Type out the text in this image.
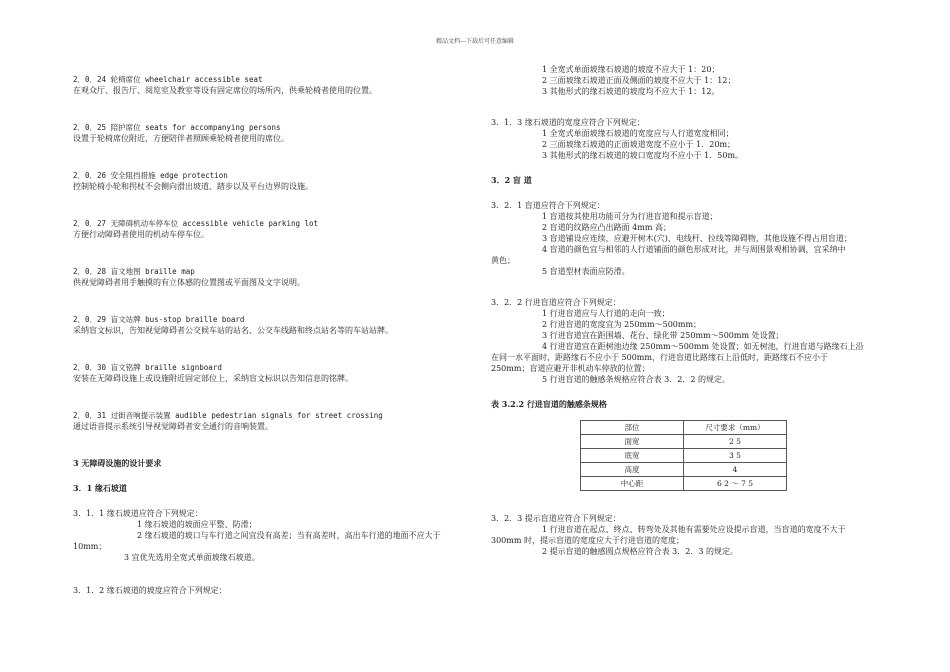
精品文档---下载后可任意编辑
2．0．24 轮椅席位 wheelchair accessible seat
在观众厅、报告厅、阅览室及教室等设有固定席位的场所内，供乘轮椅者使用的位置。
2．0．25 陪护席位 seats for accompanying persons
设置于轮椅席位附近，方便陪伴者照顾乘轮椅者使用的席位。
2．0．26 安全阻挡措施 edge protection
控制轮椅小轮和拐杖不会侧向滑出坡道、踏步以及平台边界的设施。
2．0．27 无障碍机动车停车位 accessible vehicle parking lot
方便行动障碍者使用的机动车停车位。
2．0．28 盲文地图 braille map
供视觉障碍者用手触摸的有立体感的位置图或平面图及文字说明。
2．0．29 盲文站牌 bus-stop braille board
采纳盲文标识，告知视觉障碍者公交候车站的站名、公交车线路和终点站名等的车站站牌。
2．0．30 盲文铭牌 braille signboard
安装在无障碍设施上或设施附近固定部位上，采纳盲文标识以告知信息的铭牌。
2．0．31 过街音响提示装置 audible pedestrian signals for street crossing
通过语音提示系统引导视觉障碍者安全通行的音响装置。
3 无障碍设施的设计要求
3．1 缘石坡道
3．1．1 缘石坡道应符合下列规定：
1 缘石坡道的坡面应平整、防滑；
2 缘石坡道的坡口与车行道之间宜没有高差；当有高差时，高出车行道的地面不应大于
10mm；
3 宜优先选用全宽式单面坡缘石坡道。
3．1．2 缘石坡道的坡度应符合下列规定：
1 全宽式单面坡缘石坡道的坡度不应大于 1：20；
2 三面坡缘石坡道正面及侧面的坡度不应大于 1：12；
3 其他形式的缘石坡道的坡度均不应大于 1：12。
3．1．3 缘石坡道的宽度应符合下列规定：
1 全宽式单面坡缘石坡道的宽度应与人行道宽度相同；
2 三面坡缘石坡道的正面坡道宽度不应小于 1．20m；
3 其他形式的缘石坡道的坡口宽度均不应小于 1．50m。
3．2 盲 道
3．2．1 盲道应符合下列规定：
1 盲道按其使用功能可分为行进盲道和提示盲道；
2 盲道的纹路应凸出路面 4mm 高；
3 盲道铺设应连续，应避开树木(穴)、电线杆、拉线等障碍物，其他设施不得占用盲道；
4 盲道的颜色宜与相邻的人行道铺面的颜色形成对比，并与周围景观相协调，宜采纳中
黄色；
5 盲道型材表面应防滑。
3．2．2 行进盲道应符合下列规定：
1 行进盲道应与人行道的走向一致；
2 行进盲道的宽度宜为 250mm～500mm；
3 行进盲道宜在距围墙、花台、绿化带 250mm～500mm 处设置；
4 行进盲道宜在距树池边缘 250mm～500mm 处设置；如无树池，行进盲道与路缘石上沿
在同一水平面时，距路缘石不应小于 500mm，行进盲道比路缘石上沿低时，距路缘石不应小于
250mm；盲道应避开非机动车停放的位置；
5 行进盲道的触感条规格应符合表 3．2．2 的规定。
表 3.2.2 行进盲道的触感条规格
部位	尺寸要求（mm）
面宽	2 5
底宽	3 5
高度	4
中心距	6 2 ～ 7 5
3．2．3 提示盲道应符合下列规定：
1 行进盲道在起点、终点、转弯处及其他有需要处应设提示盲道，当盲道的宽度不大于
300mm 时，提示盲道的宽度应大于行进盲道的宽度；
2 提示盲道的触感圆点规格应符合表 3．2．3 的规定。
